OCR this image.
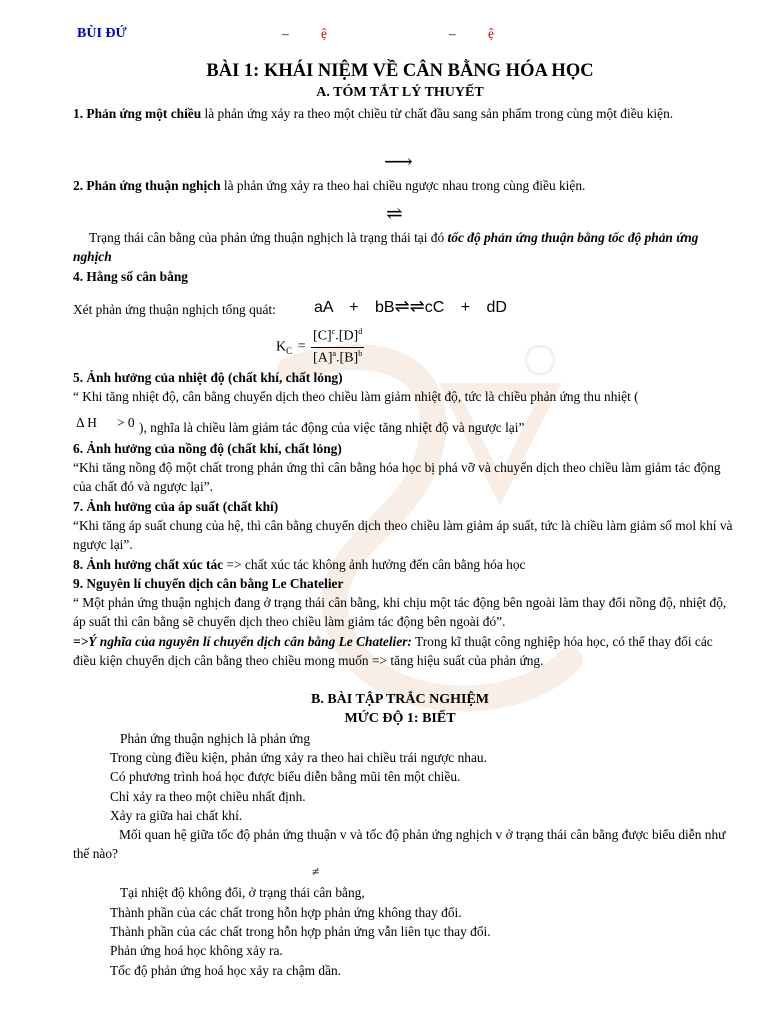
BÙI ĐỨ	– ệ	– ệ
BÀI 1: KHÁI NIỆM VỀ CÂN BẰNG HÓA HỌC
A. TÓM TẮT LÝ THUYẾT
1. Phản ứng một chiều là phản ứng xảy ra theo một chiều từ chất đầu sang sản phẩm trong cùng một điều kiện.
⟶
2. Phản ứng thuận nghịch là phản ứng xảy ra theo hai chiều ngược nhau trong cùng điều kiện.
⇌
Trạng thái cân bằng của phản ứng thuận nghịch là trạng thái tại đó tốc độ phản ứng thuận bằng tốc độ phản ứng nghịch
4. Hằng số cân bằng
Xét phản ứng thuận nghịch tổng quát: aA + bB⇌⇌cC + dD
$K_C = \frac{[C]^c.[D]^d}{[A]^a.[B]^b}$
5. Ảnh hưởng của nhiệt độ (chất khí, chất lỏng)
“ Khi tăng nhiệt độ, cân bằng chuyển dịch theo chiều làm giảm nhiệt độ, tức là chiều phản ứng thu nhiệt (
Δ H > 0 ), nghĩa là chiều làm giảm tác động của việc tăng nhiệt độ và ngược lại”
6. Ảnh hưởng của nồng độ (chất khí, chất lỏng)
“Khi tăng nồng độ một chất trong phản ứng thì cân bằng hóa học bị phá vỡ và chuyển dịch theo chiều làm giảm tác động của chất đó và ngược lại”.
7. Ảnh hưởng của áp suất (chất khí)
“Khi tăng áp suất chung của hệ, thì cân bằng chuyển dịch theo chiều làm giảm áp suất, tức là chiều làm giảm số mol khí và ngược lại”.
8. Ảnh hưởng chất xúc tác => chất xúc tác không ảnh hưởng đến cân bằng hóa học
9. Nguyên lí chuyển dịch cân bằng Le Chatelier
“ Một phản ứng thuận nghịch đang ở trạng thái cân bằng, khi chịu một tác động bên ngoài làm thay đổi nồng độ, nhiệt độ, áp suất thì cân bằng sẽ chuyển dịch theo chiều làm giảm tác động bên ngoài đó”.
=>Ý nghĩa của nguyên lí chuyển dịch cân bằng Le Chatelier: Trong kĩ thuật công nghiệp hóa học, có thể thay đổi các điều kiện chuyển dịch cân bằng theo chiều mong muốn => tăng hiệu suất của phản ứng.
B. BÀI TẬP TRẮC NGHIỆM
MỨC ĐỘ 1: BIẾT
Phản ứng thuận nghịch là phản ứng
Trong cùng điều kiện, phản ứng xảy ra theo hai chiều trái ngược nhau.
Có phương trình hoá học được biểu diễn bằng mũi tên một chiều.
Chỉ xảy ra theo một chiều nhất định.
Xảy ra giữa hai chất khí.
Mối quan hệ giữa tốc độ phản ứng thuận v và tốc độ phản ứng nghịch v ở trạng thái cân bằng được biểu diễn như thế nào?
≠
Tại nhiệt độ không đổi, ở trạng thái cân bằng,
Thành phần của các chất trong hỗn hợp phản ứng không thay đổi.
Thành phần của các chất trong hỗn hợp phản ứng vẫn liên tục thay đổi.
Phản ứng hoá học không xảy ra.
Tốc độ phản ứng hoá học xảy ra chậm dần.
